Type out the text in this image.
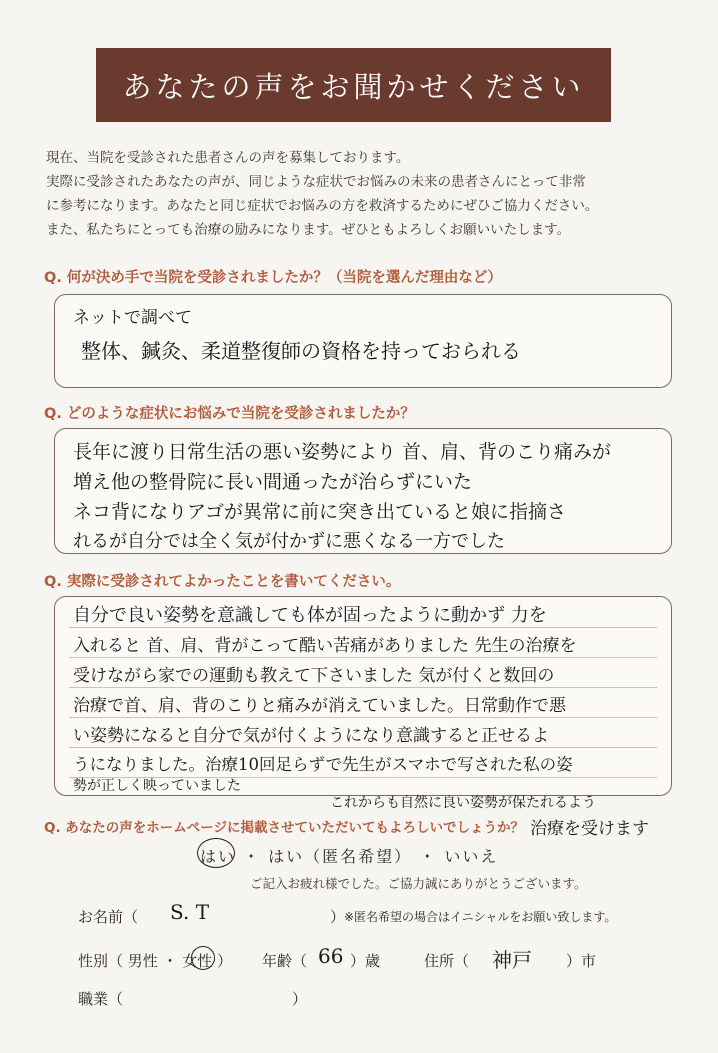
あなたの声をお聞かせください

現在、当院を受診された患者さんの声を募集しております。

実際に受診されたあなたの声が、同じような症状でお悩みの未来の患者さんにとって非常

に参考になります。あなたと同じ症状でお悩みの方を救済するためにぜひご協力ください。

また、私たちにとっても治療の励みになります。ぜひともよろしくお願いいたします。

Q. 何が決め手で当院を受診されましたか？（当院を選んだ理由など）

ネットで調べて

整体、鍼灸、柔道整復師の資格を持っておられる

Q. どのような症状にお悩みで当院を受診されましたか？

長年に渡り日常生活の悪い姿勢により 首、肩、背のこり痛みが

増え他の整骨院に長い間通ったが治らずにいた

ネコ背になりアゴが異常に前に突き出ていると娘に指摘さ

れるが自分では全く気が付かずに悪くなる一方でした

Q. 実際に受診されてよかったことを書いてください。

自分で良い姿勢を意識しても体が固ったように動かず 力を

入れると 首、肩、背がこって酷い苦痛がありました 先生の治療を

受けながら家での運動も教えて下さいました 気が付くと数回の

治療で首、肩、背のこりと痛みが消えていました。日常動作で悪

い姿勢になると自分で気が付くようになり意識すると正せるよ

うになりました。治療10回足らずで先生がスマホで写された私の姿

勢が正しく映っていました

これからも自然に良い姿勢が保たれるよう

治療を受けます

Q. あなたの声をホームページに掲載させていただいてもよろしいでしょうか？
はい ・ はい（匿名希望） ・ いいえ
ご記入お疲れ様でした。ご協力誠にありがとうございます。
お名前（ S. T	）
※匿名希望の場合はイニシャルをお願い致します。
性別（ 男性 ・ 女性 ） 年齢（ 66 ）歳	住所（ 神戸 ）市
職業（	）
